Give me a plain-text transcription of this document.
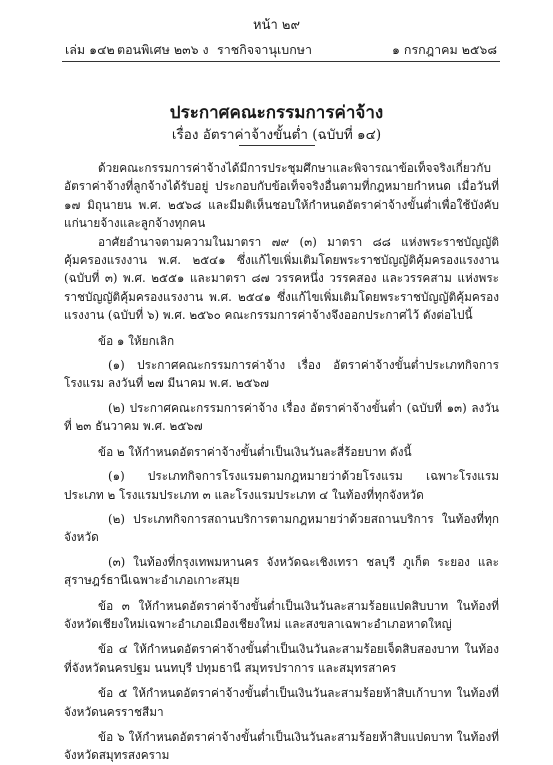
หน้า ๒๙
เล่ม ๑๔๒ ตอนพิเศษ ๒๓๖ ง ราชกิจจานุเบกษา	๑ กรกฎาคม ๒๕๖๘
ประกาศคณะกรรมการค่าจ้าง
เรื่อง อัตราค่าจ้างขั้นต่ำ (ฉบับที่ ๑๔)

ด้วยคณะกรรมการค่าจ้างได้มีการประชุมศึกษาและพิจารณาข้อเท็จจริงเกี่ยวกับอัตราค่าจ้างที่ลูกจ้างได้รับอยู่ ประกอบกับข้อเท็จจริงอื่นตามที่กฎหมายกำหนด เมื่อวันที่ ๑๗ มิถุนายน พ.ศ. ๒๕๖๘ และมีมติเห็นชอบให้กำหนดอัตราค่าจ้างขั้นต่ำเพื่อใช้บังคับแก่นายจ้างและลูกจ้างทุกคน

อาศัยอำนาจตามความในมาตรา ๗๙ (๓) มาตรา ๘๘ แห่งพระราชบัญญัติคุ้มครองแรงงาน พ.ศ. ๒๕๔๑ ซึ่งแก้ไขเพิ่มเติมโดยพระราชบัญญัติคุ้มครองแรงงาน (ฉบับที่ ๓) พ.ศ. ๒๕๕๑ และมาตรา ๘๗ วรรคหนึ่ง วรรคสอง และวรรคสาม แห่งพระราชบัญญัติคุ้มครองแรงงาน พ.ศ. ๒๕๔๑ ซึ่งแก้ไขเพิ่มเติมโดยพระราชบัญญัติคุ้มครองแรงงาน (ฉบับที่ ๖) พ.ศ. ๒๕๖๐ คณะกรรมการค่าจ้างจึงออกประกาศไว้ ดังต่อไปนี้

ข้อ ๑ ให้ยกเลิก

(๑) ประกาศคณะกรรมการค่าจ้าง เรื่อง อัตราค่าจ้างขั้นต่ำประเภทกิจการโรงแรม ลงวันที่ ๒๗ มีนาคม พ.ศ. ๒๕๖๗

(๒) ประกาศคณะกรรมการค่าจ้าง เรื่อง อัตราค่าจ้างขั้นต่ำ (ฉบับที่ ๑๓) ลงวันที่ ๒๓ ธันวาคม พ.ศ. ๒๕๖๗

ข้อ ๒ ให้กำหนดอัตราค่าจ้างขั้นต่ำเป็นเงินวันละสี่ร้อยบาท ดังนี้

(๑) ประเภทกิจการโรงแรมตามกฎหมายว่าด้วยโรงแรม เฉพาะโรงแรมประเภท ๒ โรงแรมประเภท ๓ และโรงแรมประเภท ๔ ในท้องที่ทุกจังหวัด

(๒) ประเภทกิจการสถานบริการตามกฎหมายว่าด้วยสถานบริการ ในท้องที่ทุกจังหวัด

(๓) ในท้องที่กรุงเทพมหานคร จังหวัดฉะเชิงเทรา ชลบุรี ภูเก็ต ระยอง และสุราษฎร์ธานีเฉพาะอำเภอเกาะสมุย

ข้อ ๓ ให้กำหนดอัตราค่าจ้างขั้นต่ำเป็นเงินวันละสามร้อยแปดสิบบาท ในท้องที่จังหวัดเชียงใหม่เฉพาะอำเภอเมืองเชียงใหม่ และสงขลาเฉพาะอำเภอหาดใหญ่

ข้อ ๔ ให้กำหนดอัตราค่าจ้างขั้นต่ำเป็นเงินวันละสามร้อยเจ็ดสิบสองบาท ในท้องที่จังหวัดนครปฐม นนทบุรี ปทุมธานี สมุทรปราการ และสมุทรสาคร

ข้อ ๕ ให้กำหนดอัตราค่าจ้างขั้นต่ำเป็นเงินวันละสามร้อยห้าสิบเก้าบาท ในท้องที่จังหวัดนครราชสีมา

ข้อ ๖ ให้กำหนดอัตราค่าจ้างขั้นต่ำเป็นเงินวันละสามร้อยห้าสิบแปดบาท ในท้องที่จังหวัดสมุทรสงคราม
